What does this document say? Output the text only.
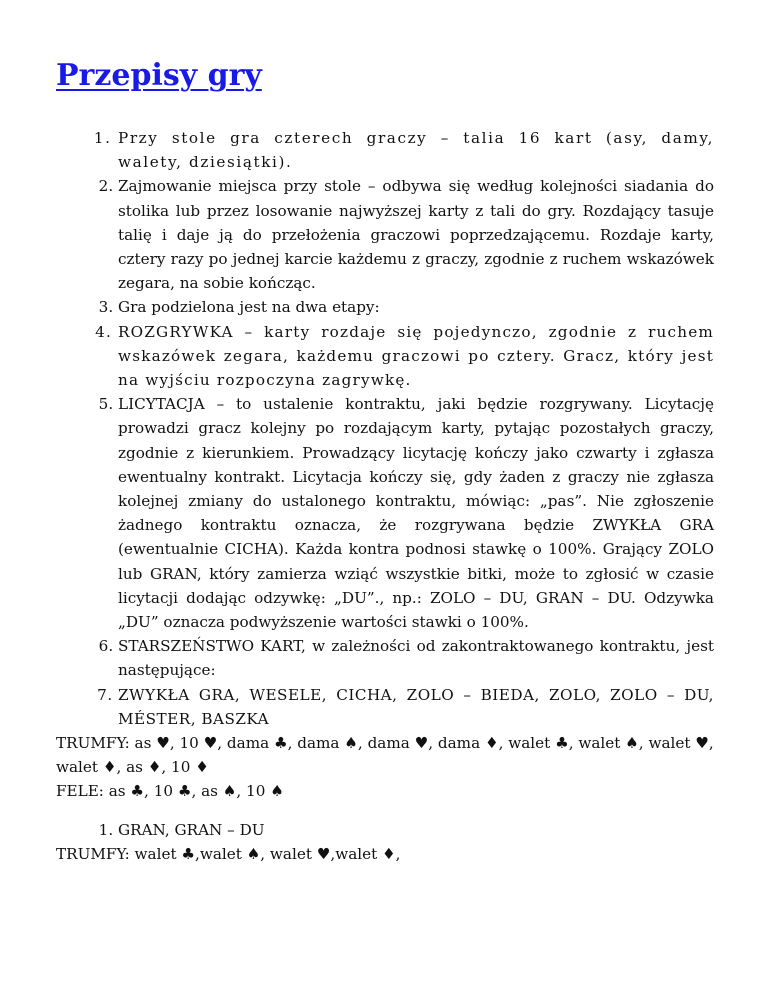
Przepisy gry
1. Przy stole gra czterech graczy – talia 16 kart (asy, damy, walety, dziesiątki).
2. Zajmowanie miejsca przy stole – odbywa się według kolejności siadania do stolika lub przez losowanie najwyższej karty z tali do gry. Rozdający tasuje talię i daje ją do przełożenia graczowi poprzedzającemu. Rozdaje karty, cztery razy po jednej karcie każdemu z graczy, zgodnie z ruchem wskazówek zegara, na sobie kończąc.
3. Gra podzielona jest na dwa etapy:
4. ROZGRYWKA – karty rozdaje się pojedynczo, zgodnie z ruchem wskazówek zegara, każdemu graczowi po cztery. Gracz, który jest na wyjściu rozpoczyna zagrywkę.
5. LICYTACJA – to ustalenie kontraktu, jaki będzie rozgrywany. Licytację prowadzi gracz kolejny po rozdającym karty, pytając pozostałych graczy, zgodnie z kierunkiem. Prowadzący licytację kończy jako czwarty i zgłasza ewentualny kontrakt. Licytacja kończy się, gdy żaden z graczy nie zgłasza kolejnej zmiany do ustalonego kontraktu, mówiąc: „pas”. Nie zgłoszenie żadnego kontraktu oznacza, że rozgrywana będzie ZWYKŁA GRA (ewentualnie CICHA). Każda kontra podnosi stawkę o 100%. Grający ZOLO lub GRAN, który zamierza wziąć wszystkie bitki, może to zgłosić w czasie licytacji dodając odzywkę: „DU”., np.: ZOLO – DU, GRAN – DU. Odzywka „DU” oznacza podwyższenie wartości stawki o 100%.
6. STARSZEŃSTWO KART, w zależności od zakontraktowanego kontraktu, jest następujące:
7. ZWYKŁA GRA, WESELE, CICHA, ZOLO – BIEDA, ZOLO, ZOLO – DU, MÉSTER, BASZKA

TRUMFY: as ♥, 10 ♥, dama ♣, dama ♠, dama ♥, dama ♦, walet ♣, walet ♠, walet ♥, walet ♦, as ♦, 10 ♦

FELE: as ♣, 10 ♣, as ♠, 10 ♠

1. GRAN, GRAN – DU

TRUMFY: walet ♣,walet ♠, walet ♥,walet ♦,
